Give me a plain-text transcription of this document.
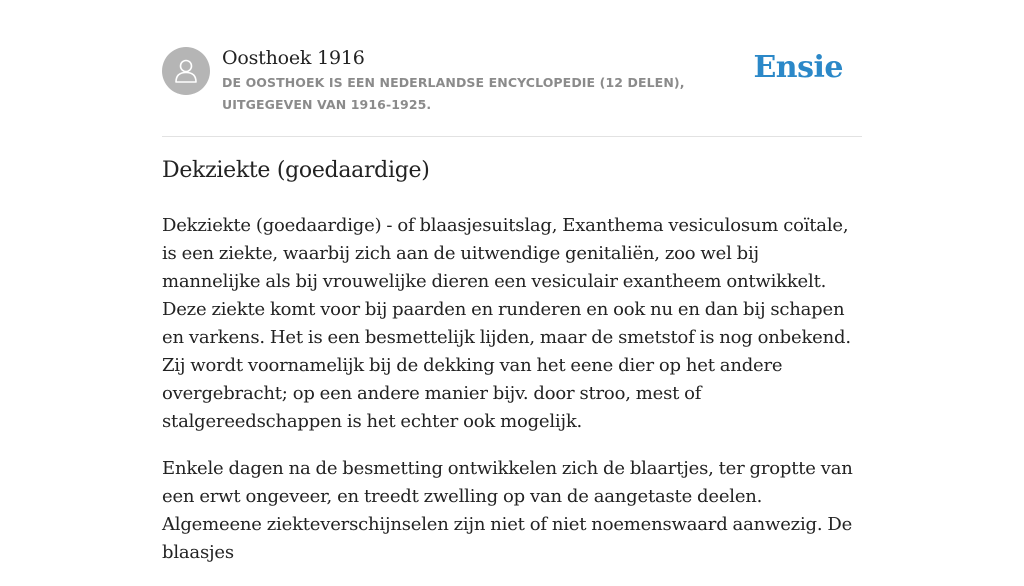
Oosthoek 1916
DE OOSTHOEK IS EEN NEDERLANDSE ENCYCLOPEDIE (12 DELEN), UITGEGEVEN VAN 1916-1925.
Ensie
Dekziekte (goedaardige)

Dekziekte (goedaardige) - of blaasjesuitslag, Exanthema vesiculosum coïtale, is een ziekte, waarbij zich aan de uitwendige genitaliën, zoo wel bij mannelijke als bij vrouwelijke dieren een vesiculair exantheem ontwikkelt. Deze ziekte komt voor bij paarden en runderen en ook nu en dan bij schapen en varkens. Het is een besmettelijk lijden, maar de smetstof is nog onbekend. Zij wordt voornamelijk bij de dekking van het eene dier op het andere overgebracht; op een andere manier bijv. door stroo, mest of stalgereedschappen is het echter ook mogelijk.

Enkele dagen na de besmetting ontwikkelen zich de blaartjes, ter groptte van een erwt ongeveer, en treedt zwelling op van de aangetaste deelen. Algemeene ziekteverschijnselen zijn niet of niet noemenswaard aanwezig. De blaasjes
